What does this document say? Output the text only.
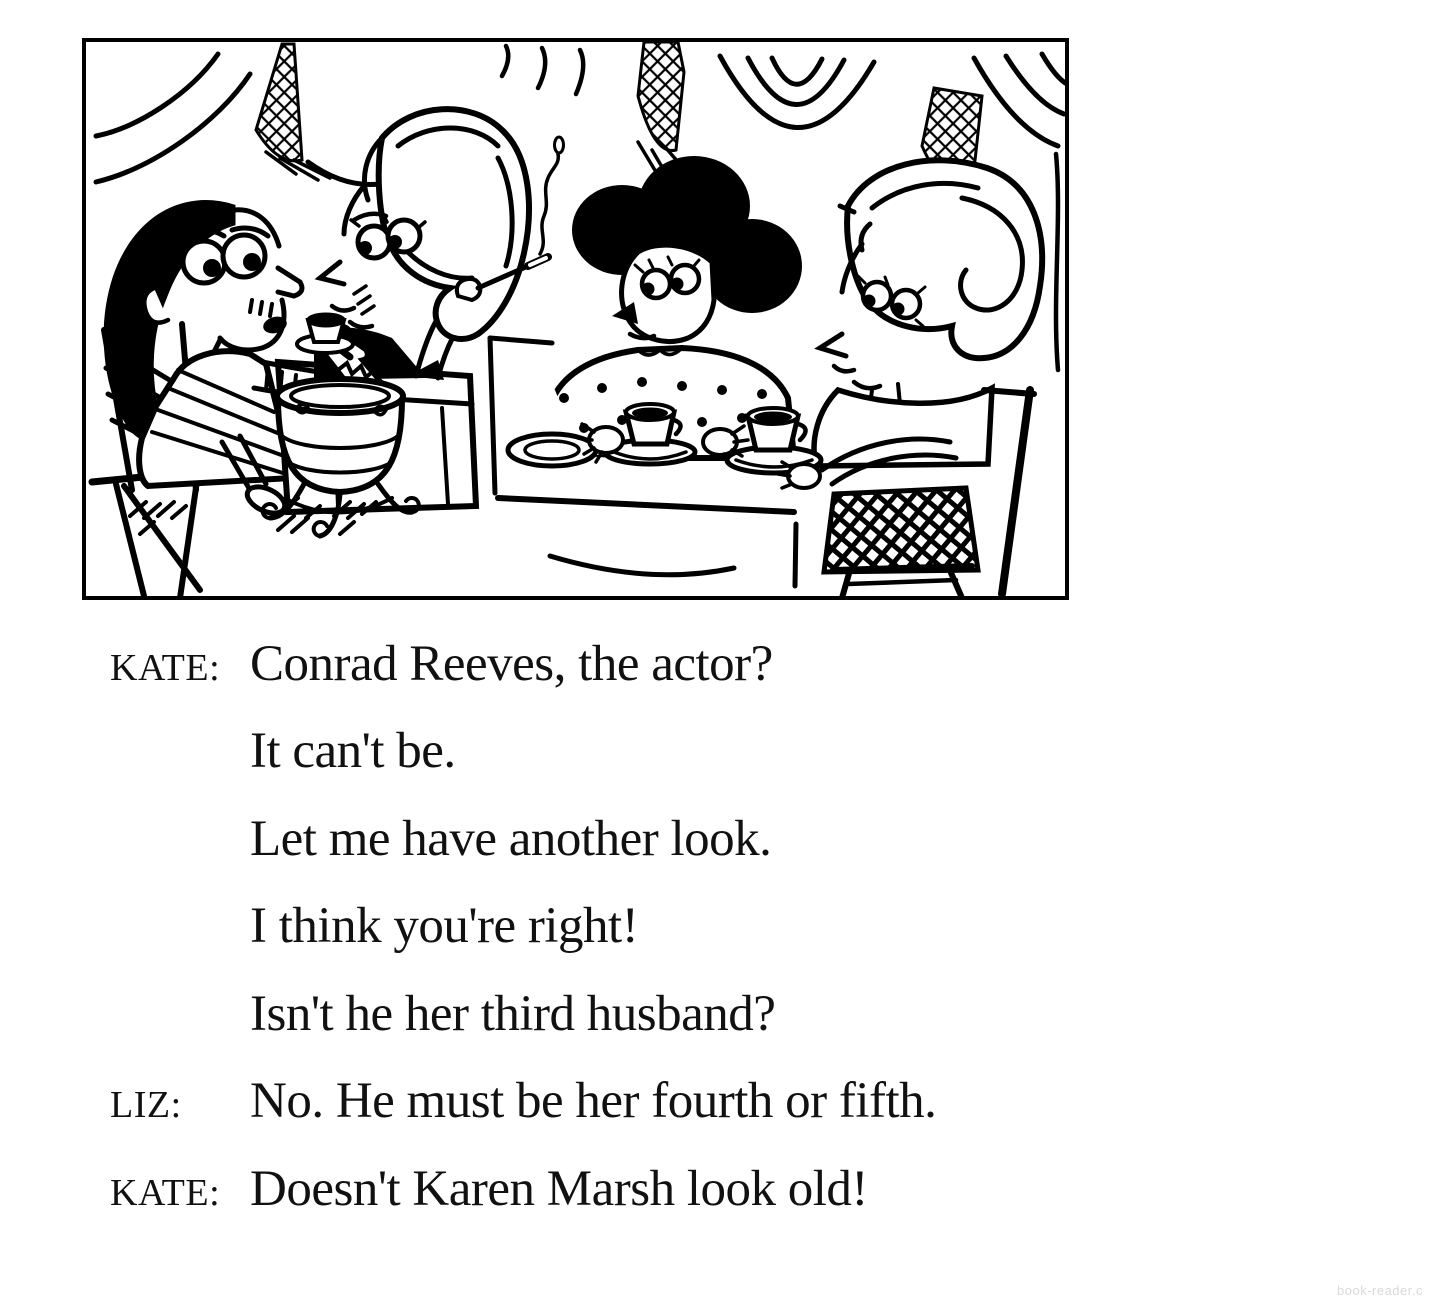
KATE: Conrad Reeves, the actor?
It can't be.
Let me have another look.
I think you're right!
Isn't he her third husband?
LIZ:	No. He must be her fourth or fifth.
KATE: Doesn't Karen Marsh look old!
book-reader.c
